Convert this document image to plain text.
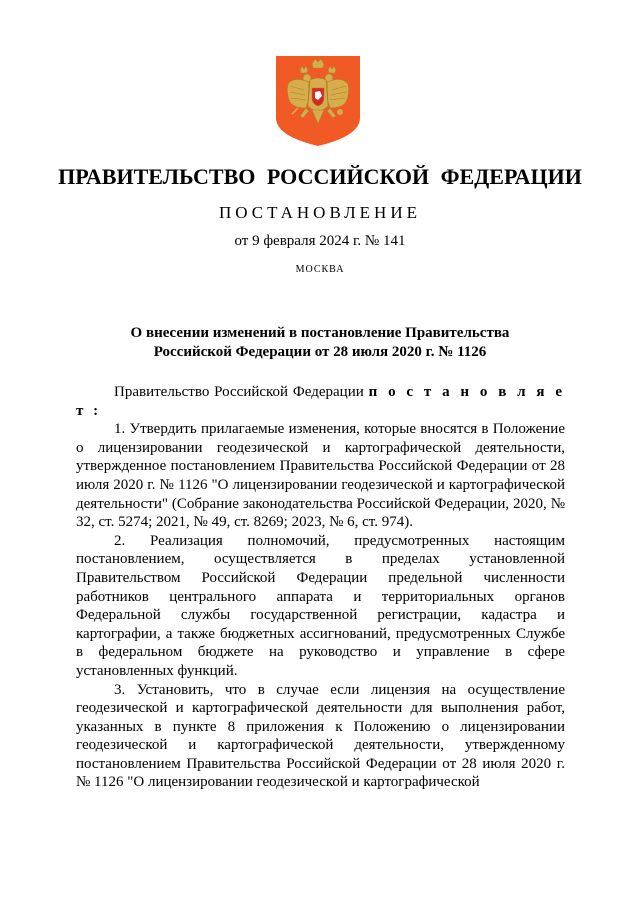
ПРАВИТЕЛЬСТВО РОССИЙСКОЙ ФЕДЕРАЦИИ
ПОСТАНОВЛЕНИЕ
от 9 февраля 2024 г. № 141
МОСКВА
О внесении изменений в постановление Правительства
Российской Федерации от 28 июля 2020 г. № 1126

Правительство Российской Федерации п о с т а н о в л я е т :

1. Утвердить прилагаемые изменения, которые вносятся в Положение о лицензировании геодезической и картографической деятельности, утвержденное постановлением Правительства Российской Федерации от 28 июля 2020 г. № 1126 "О лицензировании геодезической и картографической деятельности" (Собрание законодательства Российской Федерации, 2020, № 32, ст. 5274; 2021, № 49, ст. 8269; 2023, № 6, ст. 974).

2. Реализация полномочий, предусмотренных настоящим постановлением, осуществляется в пределах установленной Правительством Российской Федерации предельной численности работников центрального аппарата и территориальных органов Федеральной службы государственной регистрации, кадастра и картографии, а также бюджетных ассигнований, предусмотренных Службе в федеральном бюджете на руководство и управление в сфере установленных функций.

3. Установить, что в случае если лицензия на осуществление геодезической и картографической деятельности для выполнения работ, указанных в пункте 8 приложения к Положению о лицензировании геодезической и картографической деятельности, утвержденному постановлением Правительства Российской Федерации от 28 июля 2020 г. № 1126 "О лицензировании геодезической и картографической
